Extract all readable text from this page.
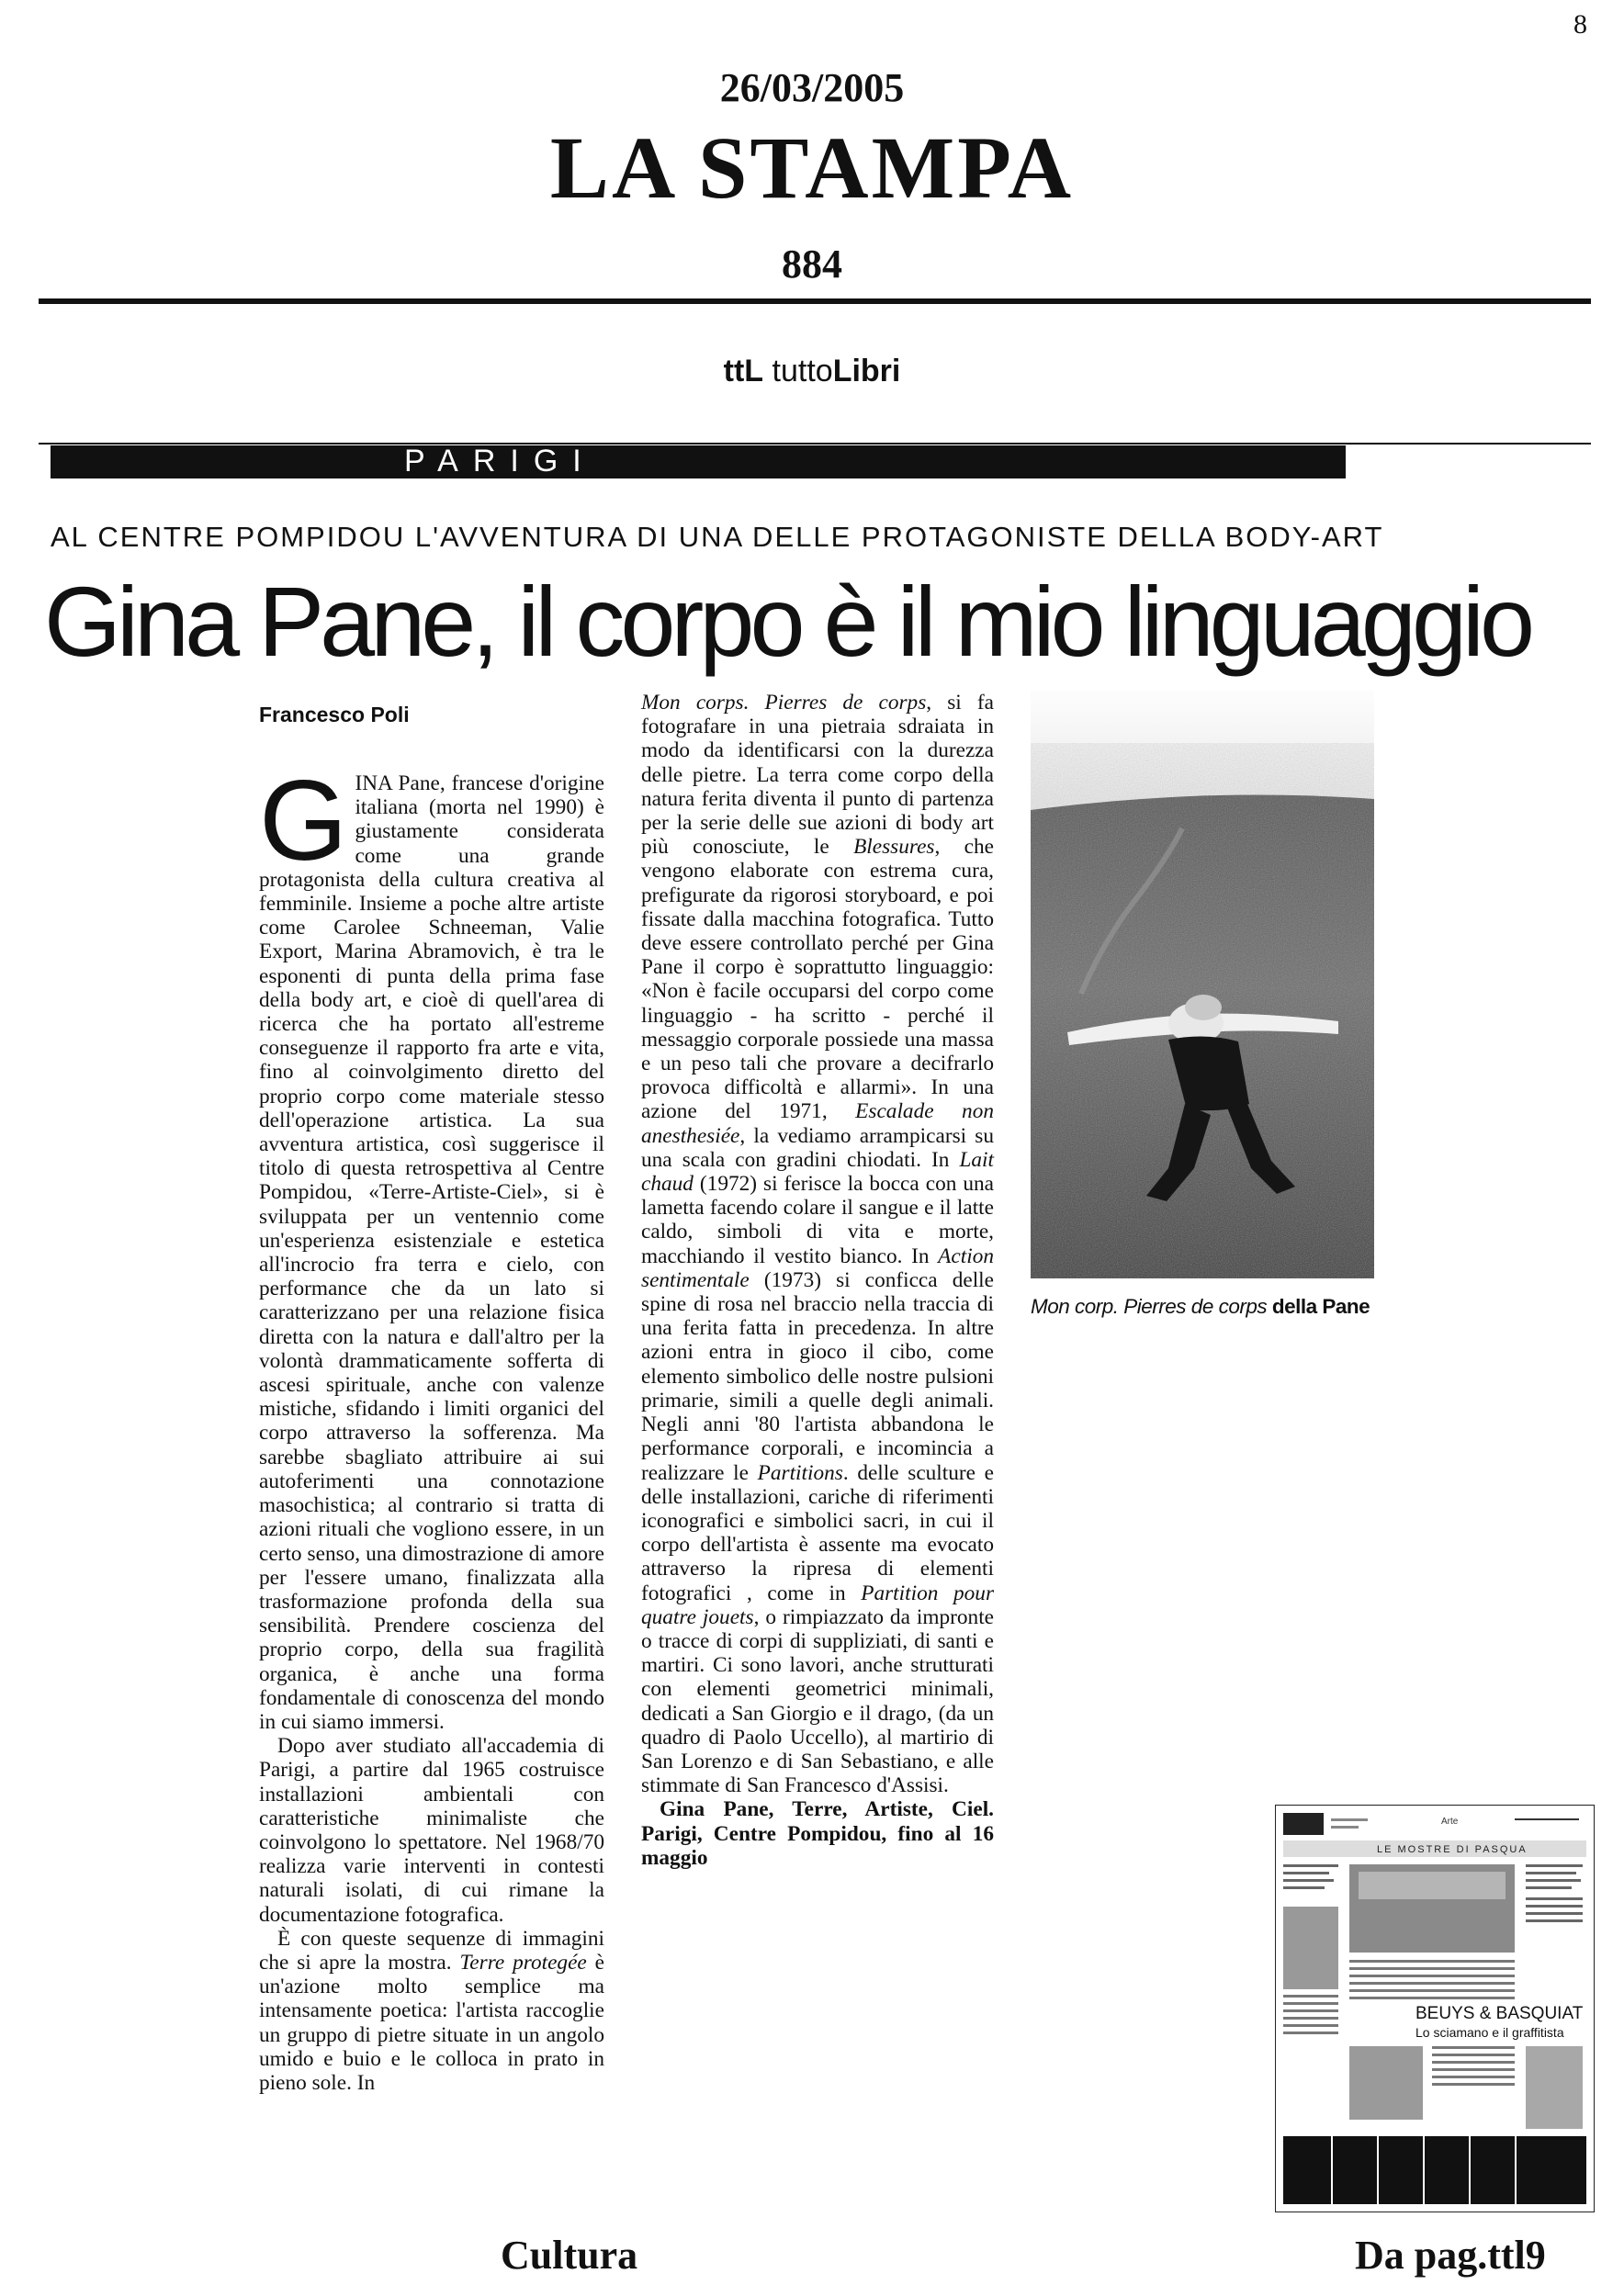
8
26/03/2005
LA STAMPA
884
ttL tuttoLibri
PARIGI
AL CENTRE POMPIDOU L'AVVENTURA DI UNA DELLE PROTAGONISTE DELLA BODY-ART
Gina Pane, il corpo è il mio linguaggio
Francesco Poli

GINA Pane, francese d'origine italiana (morta nel 1990) è giustamente considerata come una grande protagonista della cultura creativa al femminile. Insieme a poche altre artiste come Carolee Schneeman, Valie Export, Marina Abramovich, è tra le esponenti di punta della prima fase della body art, e cioè di quell'area di ricerca che ha portato all'estreme conseguenze il rapporto fra arte e vita, fino al coinvolgimento diretto del proprio corpo come materiale stesso dell'operazione artistica. La sua avventura artistica, così suggerisce il titolo di questa retrospettiva al Centre Pompidou, «Terre-Artiste-Ciel», si è sviluppata per un ventennio come un'esperienza esistenziale e estetica all'incrocio fra terra e cielo, con performance che da un lato si caratterizzano per una relazione fisica diretta con la natura e dall'altro per la volontà drammaticamente sofferta di ascesi spirituale, anche con valenze mistiche, sfidando i limiti organici del corpo attraverso la sofferenza. Ma sarebbe sbagliato attribuire ai sui autoferimenti una connotazione masochistica; al contrario si tratta di azioni rituali che vogliono essere, in un certo senso, una dimostrazione di amore per l'essere umano, finalizzata alla trasformazione profonda della sua sensibilità. Prendere coscienza del proprio corpo, della sua fragilità organica, è anche una forma fondamentale di conoscenza del mondo in cui siamo immersi.

Dopo aver studiato all'accademia di Parigi, a partire dal 1965 costruisce installazioni ambientali con caratteristiche minimaliste che coinvolgono lo spettatore. Nel 1968/70 realizza varie interventi in contesti naturali isolati, di cui rimane la documentazione fotografica.

È con queste sequenze di immagini che si apre la mostra. Terre protegée è un'azione molto semplice ma intensamente poetica: l'artista raccoglie un gruppo di pietre situate in un angolo umido e buio e le colloca in prato in pieno sole. In

Mon corps. Pierres de corps, si fa fotografare in una pietraia sdraiata in modo da identificarsi con la durezza delle pietre. La terra come corpo della natura ferita diventa il punto di partenza per la serie delle sue azioni di body art più conosciute, le Blessures, che vengono elaborate con estrema cura, prefigurate da rigorosi storyboard, e poi fissate dalla macchina fotografica. Tutto deve essere controllato perché per Gina Pane il corpo è soprattutto linguaggio: «Non è facile occuparsi del corpo come linguaggio - ha scritto - perché il messaggio corporale possiede una massa e un peso tali che provare a decifrarlo provoca difficoltà e allarmi». In una azione del 1971, Escalade non anesthesiée, la vediamo arrampicarsi su una scala con gradini chiodati. In Lait chaud (1972) si ferisce la bocca con una lametta facendo colare il sangue e il latte caldo, simboli di vita e morte, macchiando il vestito bianco. In Action sentimentale (1973) si conficca delle spine di rosa nel braccio nella traccia di una ferita fatta in precedenza. In altre azioni entra in gioco il cibo, come elemento simbolico delle nostre pulsioni primarie, simili a quelle degli animali. Negli anni '80 l'artista abbandona le performance corporali, e incomincia a realizzare le Partitions. delle sculture e delle installazioni, cariche di riferimenti iconografici e simbolici sacri, in cui il corpo dell'artista è assente ma evocato attraverso la ripresa di elementi fotografici , come in Partition pour quatre jouets, o rimpiazzato da impronte o tracce di corpi di suppliziati, di santi e martiri. Ci sono lavori, anche strutturati con elementi geometrici minimali, dedicati a San Giorgio e il drago, (da un quadro di Paolo Uccello), al martirio di San Lorenzo e di San Sebastiano, e alle stimmate di San Francesco d'Assisi.

Gina Pane, Terre, Artiste, Ciel. Parigi, Centre Pompidou, fino al 16 maggio

Mon corp. Pierres de corps della Pane
Arte
LE MOSTRE DI PASQUA
BEUYS & BASQUIAT
Lo sciamano e il graffitista
Cultura	Da pag.ttl9
